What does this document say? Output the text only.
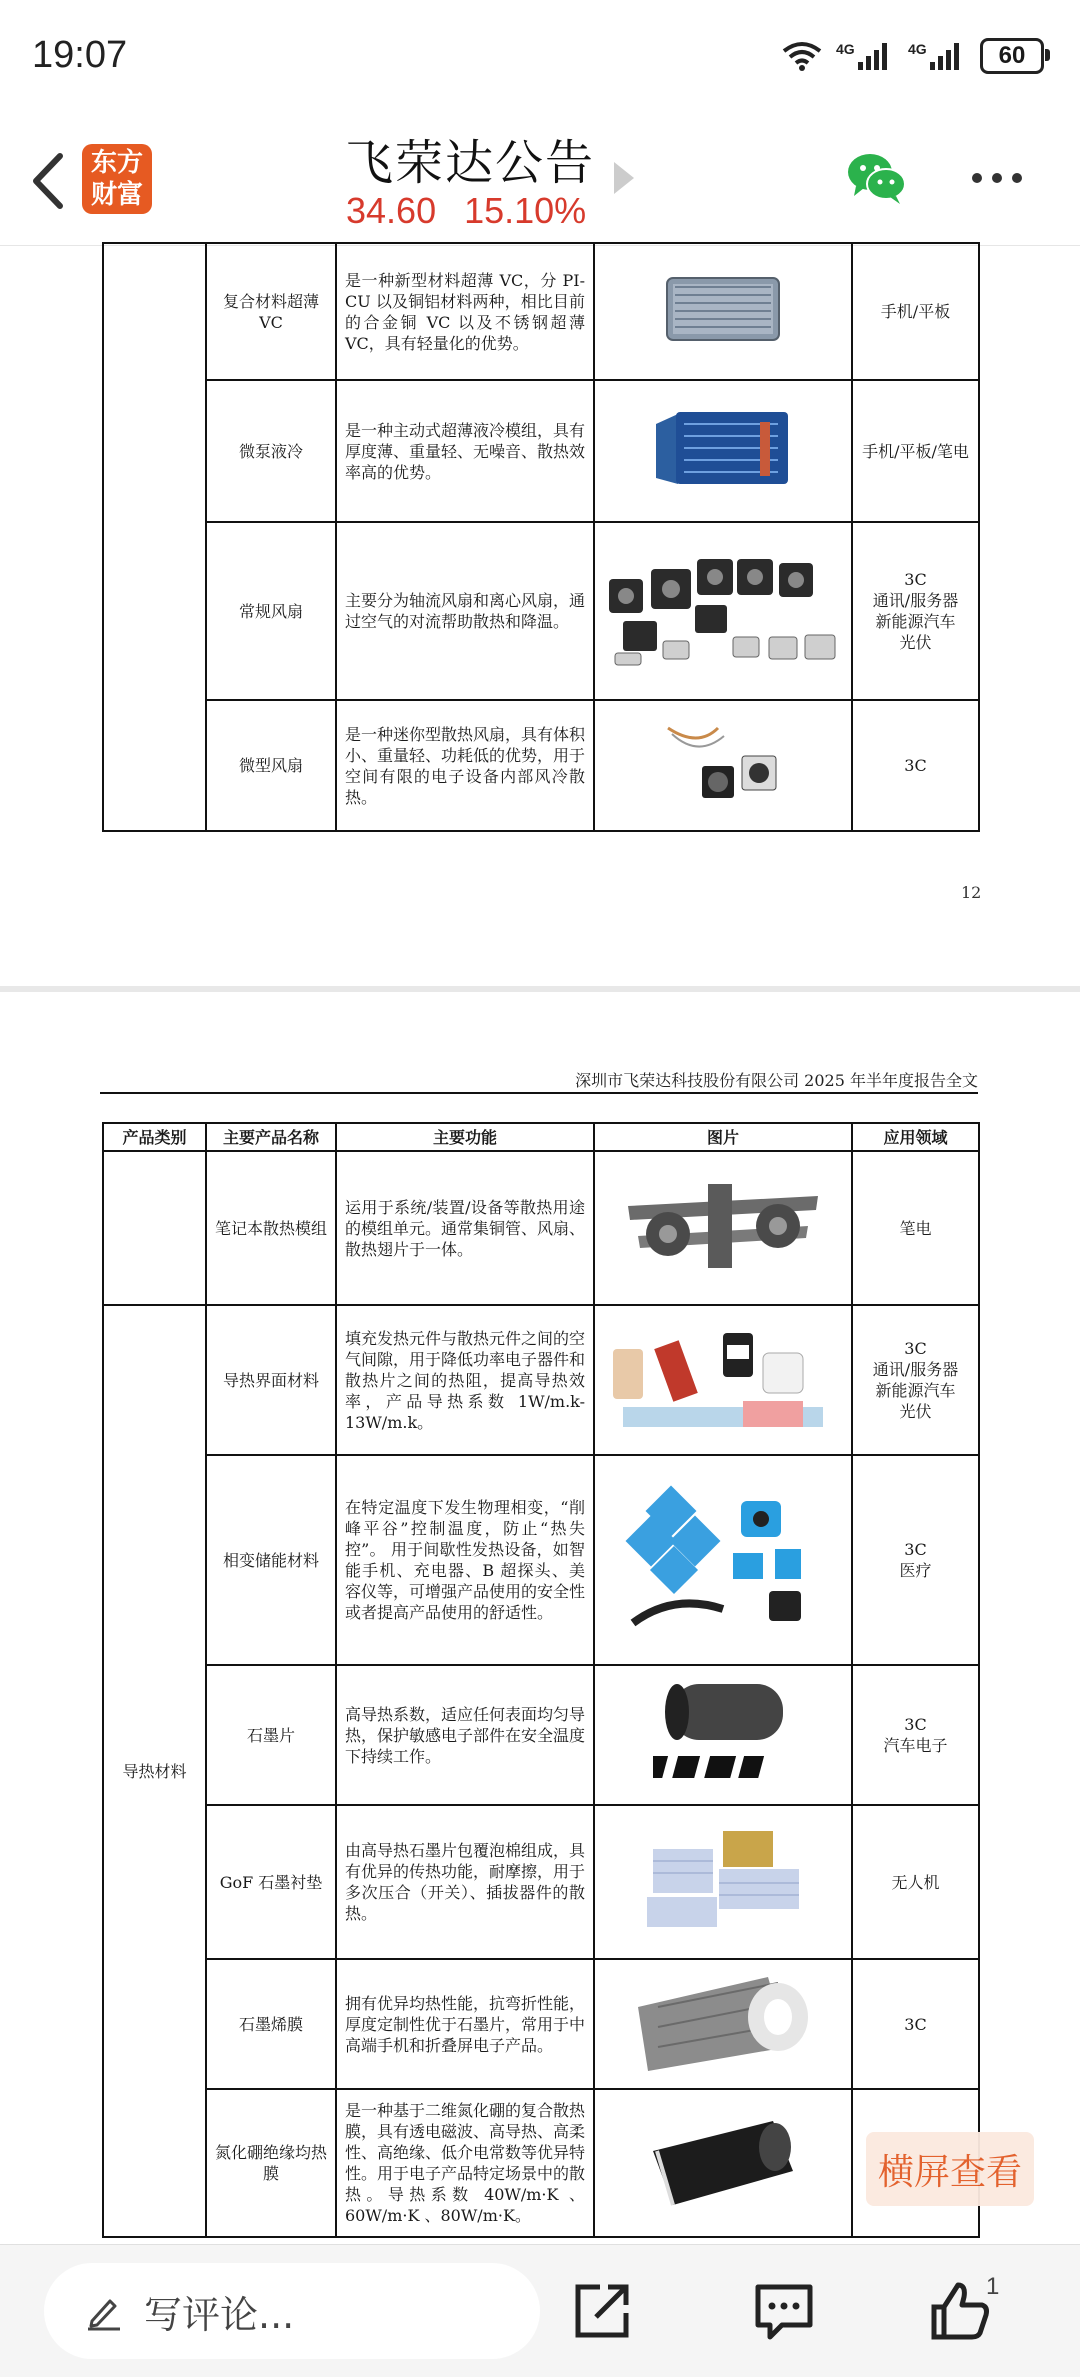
19:07	4G	4G	60
东方
财富
飞荣达公告
34.60 15.10%
	复合材料超薄VC	是一种新型材料超薄 VC，分 PI-CU 以及铜铝材料两种，相比目前的合金铜 VC 以及不锈钢超薄 VC，具有轻量化的优势。		手机/平板
	微泵液冷	是一种主动式超薄液冷模组，具有厚度薄、重量轻、无噪音、散热效率高的优势。		手机/平板/笔电
	常规风扇	主要分为轴流风扇和离心风扇，通过空气的对流帮助散热和降温。		3C
通讯/服务器
新能源汽车
光伏
	微型风扇	是一种迷你型散热风扇，具有体积小、重量轻、功耗低的优势，用于空间有限的电子设备内部风冷散热。		3C
12
深圳市飞荣达科技股份有限公司 2025 年半年度报告全文
产品类别	主要产品名称	主要功能	图片	应用领域
	笔记本散热模组	运用于系统/装置/设备等散热用途的模组单元。通常集铜管、风扇、散热翅片于一体。		笔电
导热材料	导热界面材料	填充发热元件与散热元件之间的空气间隙，用于降低功率电子器件和散热片之间的热阻，提高导热效率，产品导热系数 1W/m.k-13W/m.k。		3C
通讯/服务器
新能源汽车
光伏
	相变储能材料	在特定温度下发生物理相变，“削峰平谷”控制温度，防止“热失控”。 用于间歇性发热设备，如智能手机、充电器、B 超探头、美容仪等，可增强产品使用的安全性或者提高产品使用的舒适性。		3C
医疗
	石墨片	高导热系数，适应任何表面均匀导热，保护敏感电子部件在安全温度下持续工作。		3C
汽车电子
	GoF 石墨衬垫	由高导热石墨片包覆泡棉组成，具有优异的传热功能，耐摩擦，用于多次压合（开关）、插拔器件的散热。		无人机
	石墨烯膜	拥有优异均热性能，抗弯折性能，厚度定制性优于石墨片，常用于中高端手机和折叠屏电子产品。		3C
	氮化硼绝缘均热膜	是一种基于二维氮化硼的复合散热膜，具有透电磁波、高导热、高柔性、高绝缘、低介电常数等优异特性。用于电子产品特定场景中的散热。导热系数 40W/m·K 、 60W/m·K 、80W/m·K。		
横屏查看
写评论...
1
